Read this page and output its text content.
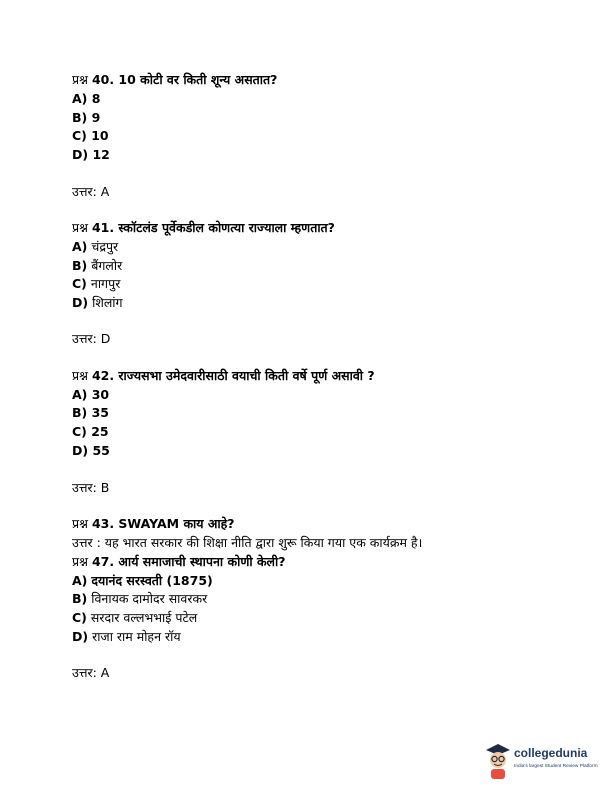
प्रश्न 40. 10 कोटी वर किती शून्य असतात?
A) 8
B) 9
C) 10
D) 12
उत्तर: A
प्रश्न 41. स्कॉटलंड पूर्वेकडील कोणत्या राज्याला म्हणतात?
A) चंद्रपुर
B) बैंगलोर
C) नागपुर
D) शिलांग
उत्तर: D
प्रश्न 42. राज्यसभा उमेदवारीसाठी वयाची किती वर्षे पूर्ण असावी ?
A) 30
B) 35
C) 25
D) 55
उत्तर: B
प्रश्न 43. SWAYAM काय आहे?
उत्तर : यह भारत सरकार की शिक्षा नीति द्वारा शुरू किया गया एक कार्यक्रम है।
प्रश्न 47. आर्य समाजाची स्थापना कोणी केली?
A) दयानंद सरस्वती (1875)
B) विनायक दामोदर सावरकर
C) सरदार वल्लभभाई पटेल
D) राजा राम मोहन रॉय
उत्तर: A
collegedunia
India's largest Student Review Platform
